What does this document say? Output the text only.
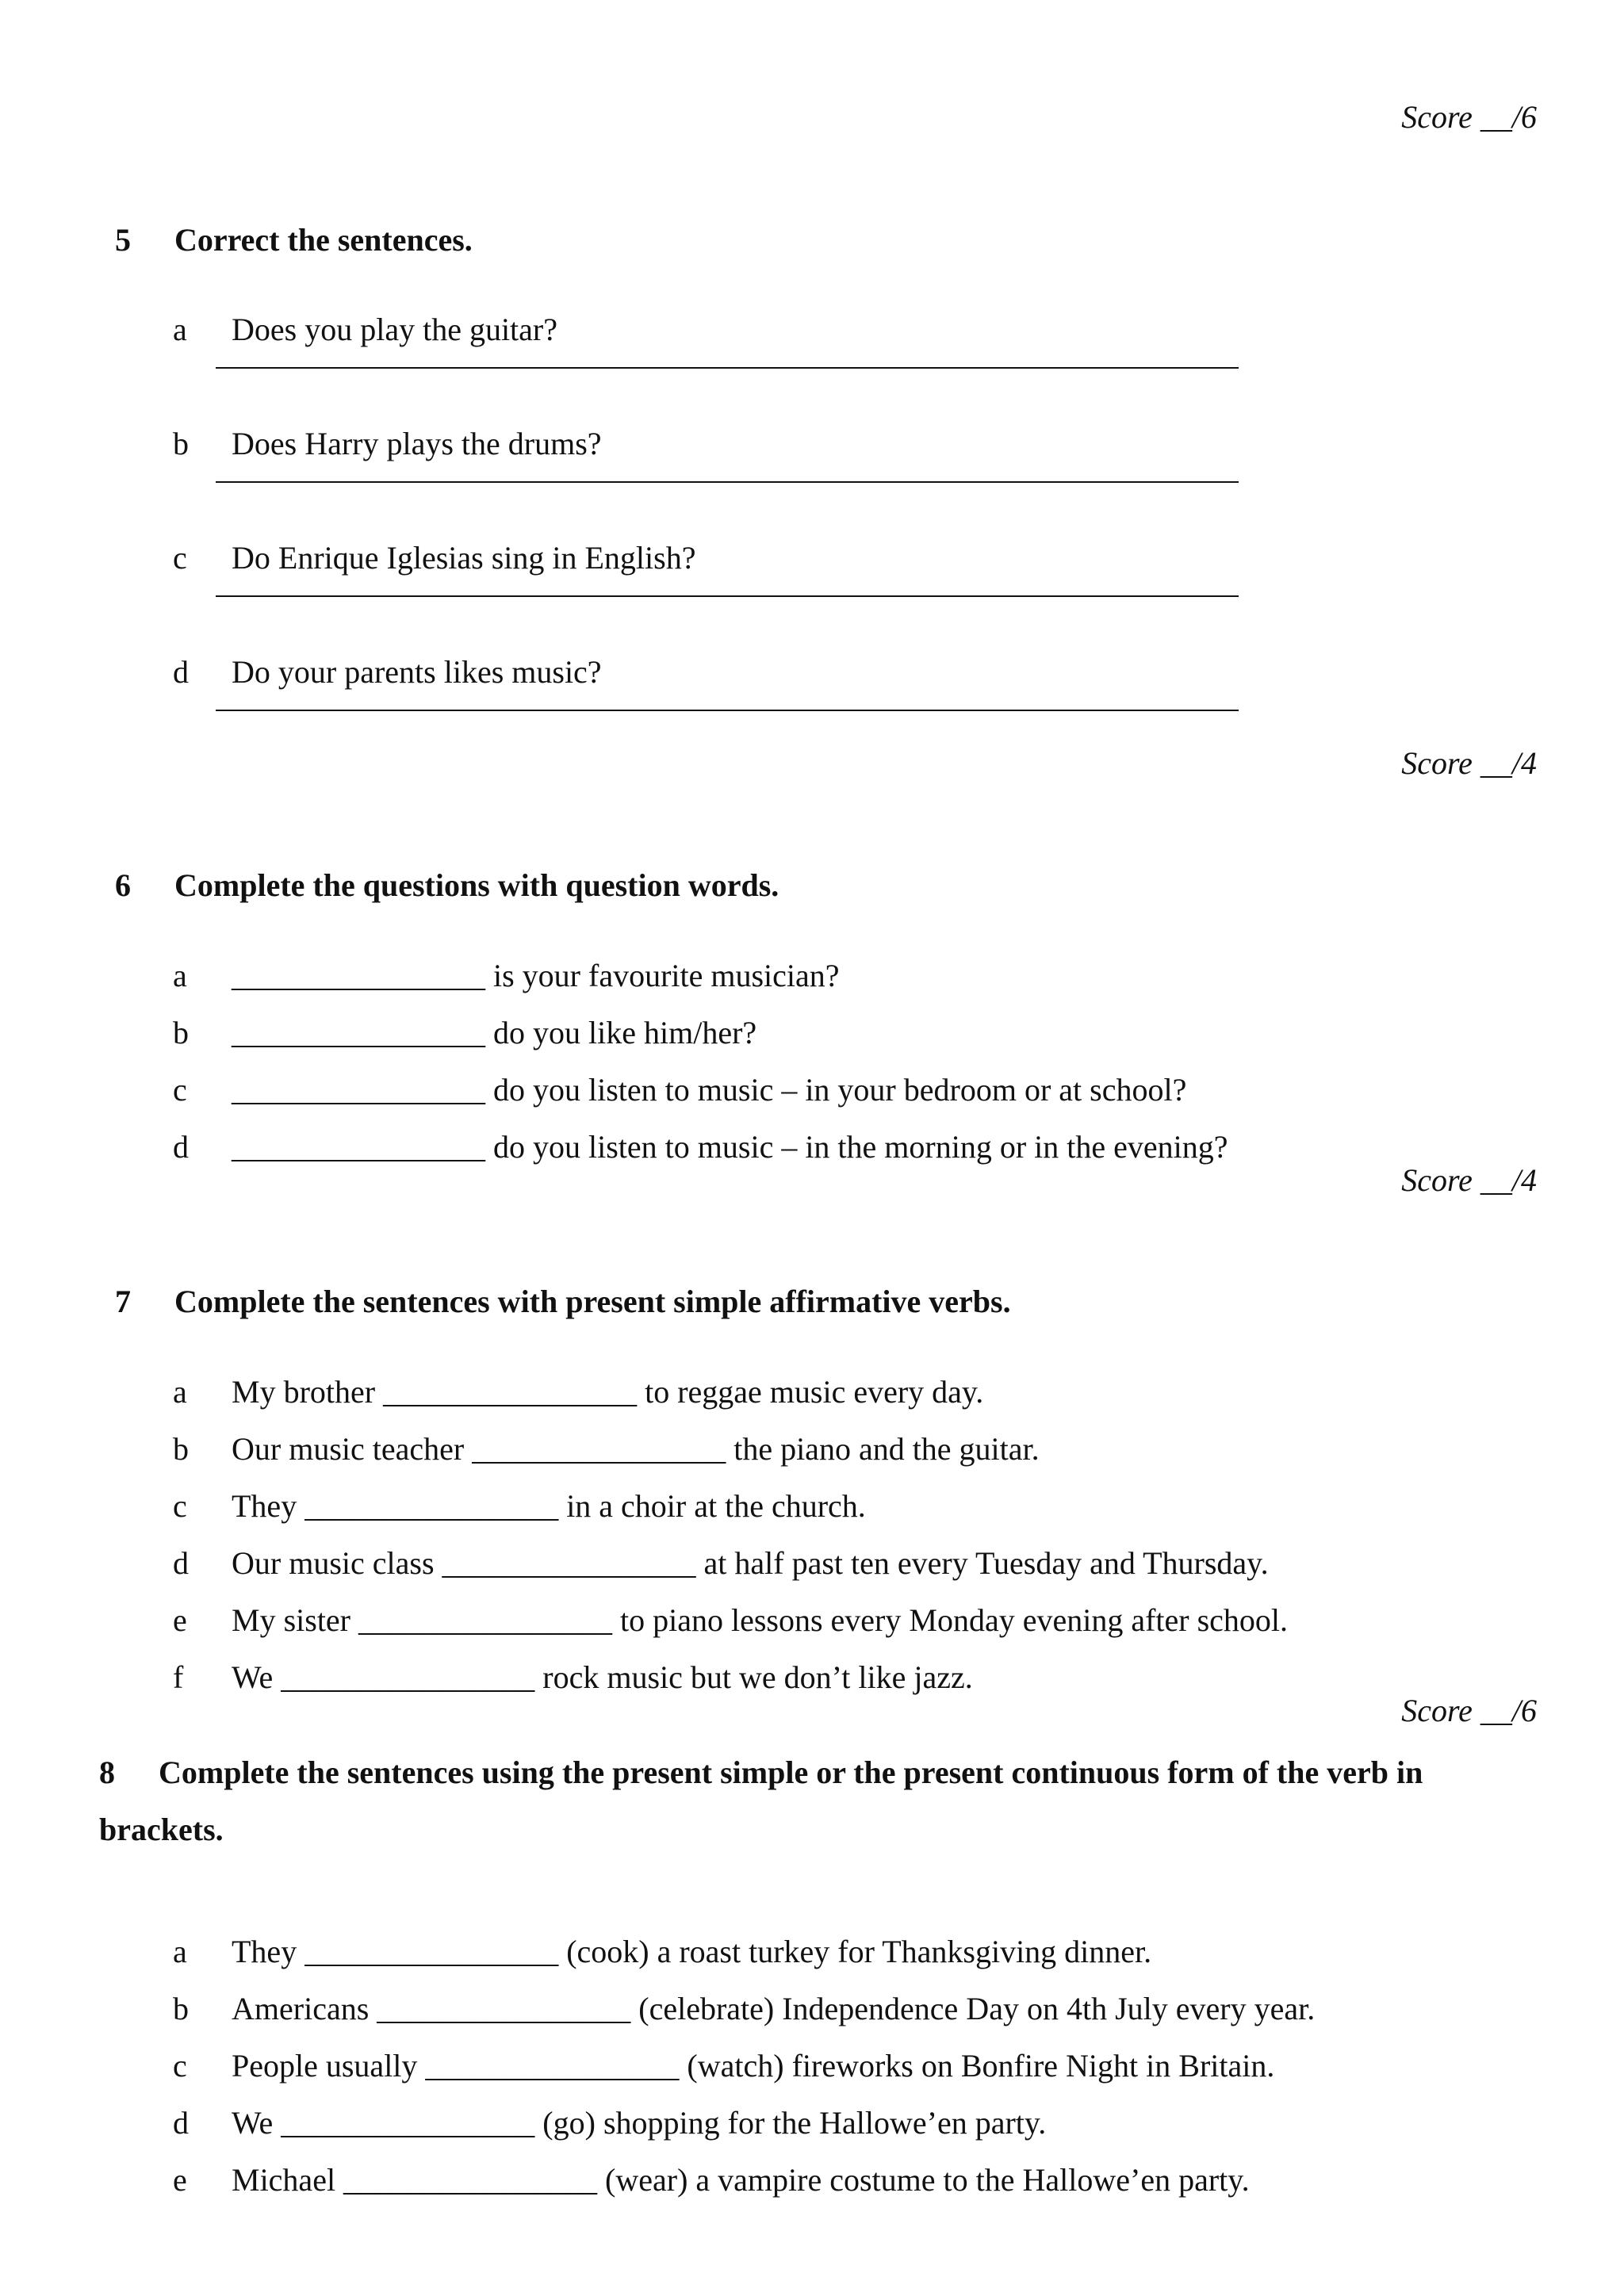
Score __/6

5 Correct the sentences.

a Does you play the guitar?

b Does Harry plays the drums?

c Do Enrique Iglesias sing in English?

d Do your parents likes music?

Score __/4

6 Complete the questions with question words.

a ________________ is your favourite musician?

b ________________ do you like him/her?

c ________________ do you listen to music – in your bedroom or at school?

d ________________ do you listen to music – in the morning or in the evening?

Score __/4

7 Complete the sentences with present simple affirmative verbs.

a My brother ________________ to reggae music every day.

b Our music teacher ________________ the piano and the guitar.

c They ________________ in a choir at the church.

d Our music class ________________ at half past ten every Tuesday and Thursday.

e My sister ________________ to piano lessons every Monday evening after school.

f We ________________ rock music but we don’t like jazz.

Score __/6
8 Complete the sentences using the present simple or the present continuous form of the verb in brackets.

a They ________________ (cook) a roast turkey for Thanksgiving dinner.

b Americans ________________ (celebrate) Independence Day on 4th July every year.

c People usually ________________ (watch) fireworks on Bonfire Night in Britain.

d We ________________ (go) shopping for the Hallowe’en party.

e Michael ________________ (wear) a vampire costume to the Hallowe’en party.
